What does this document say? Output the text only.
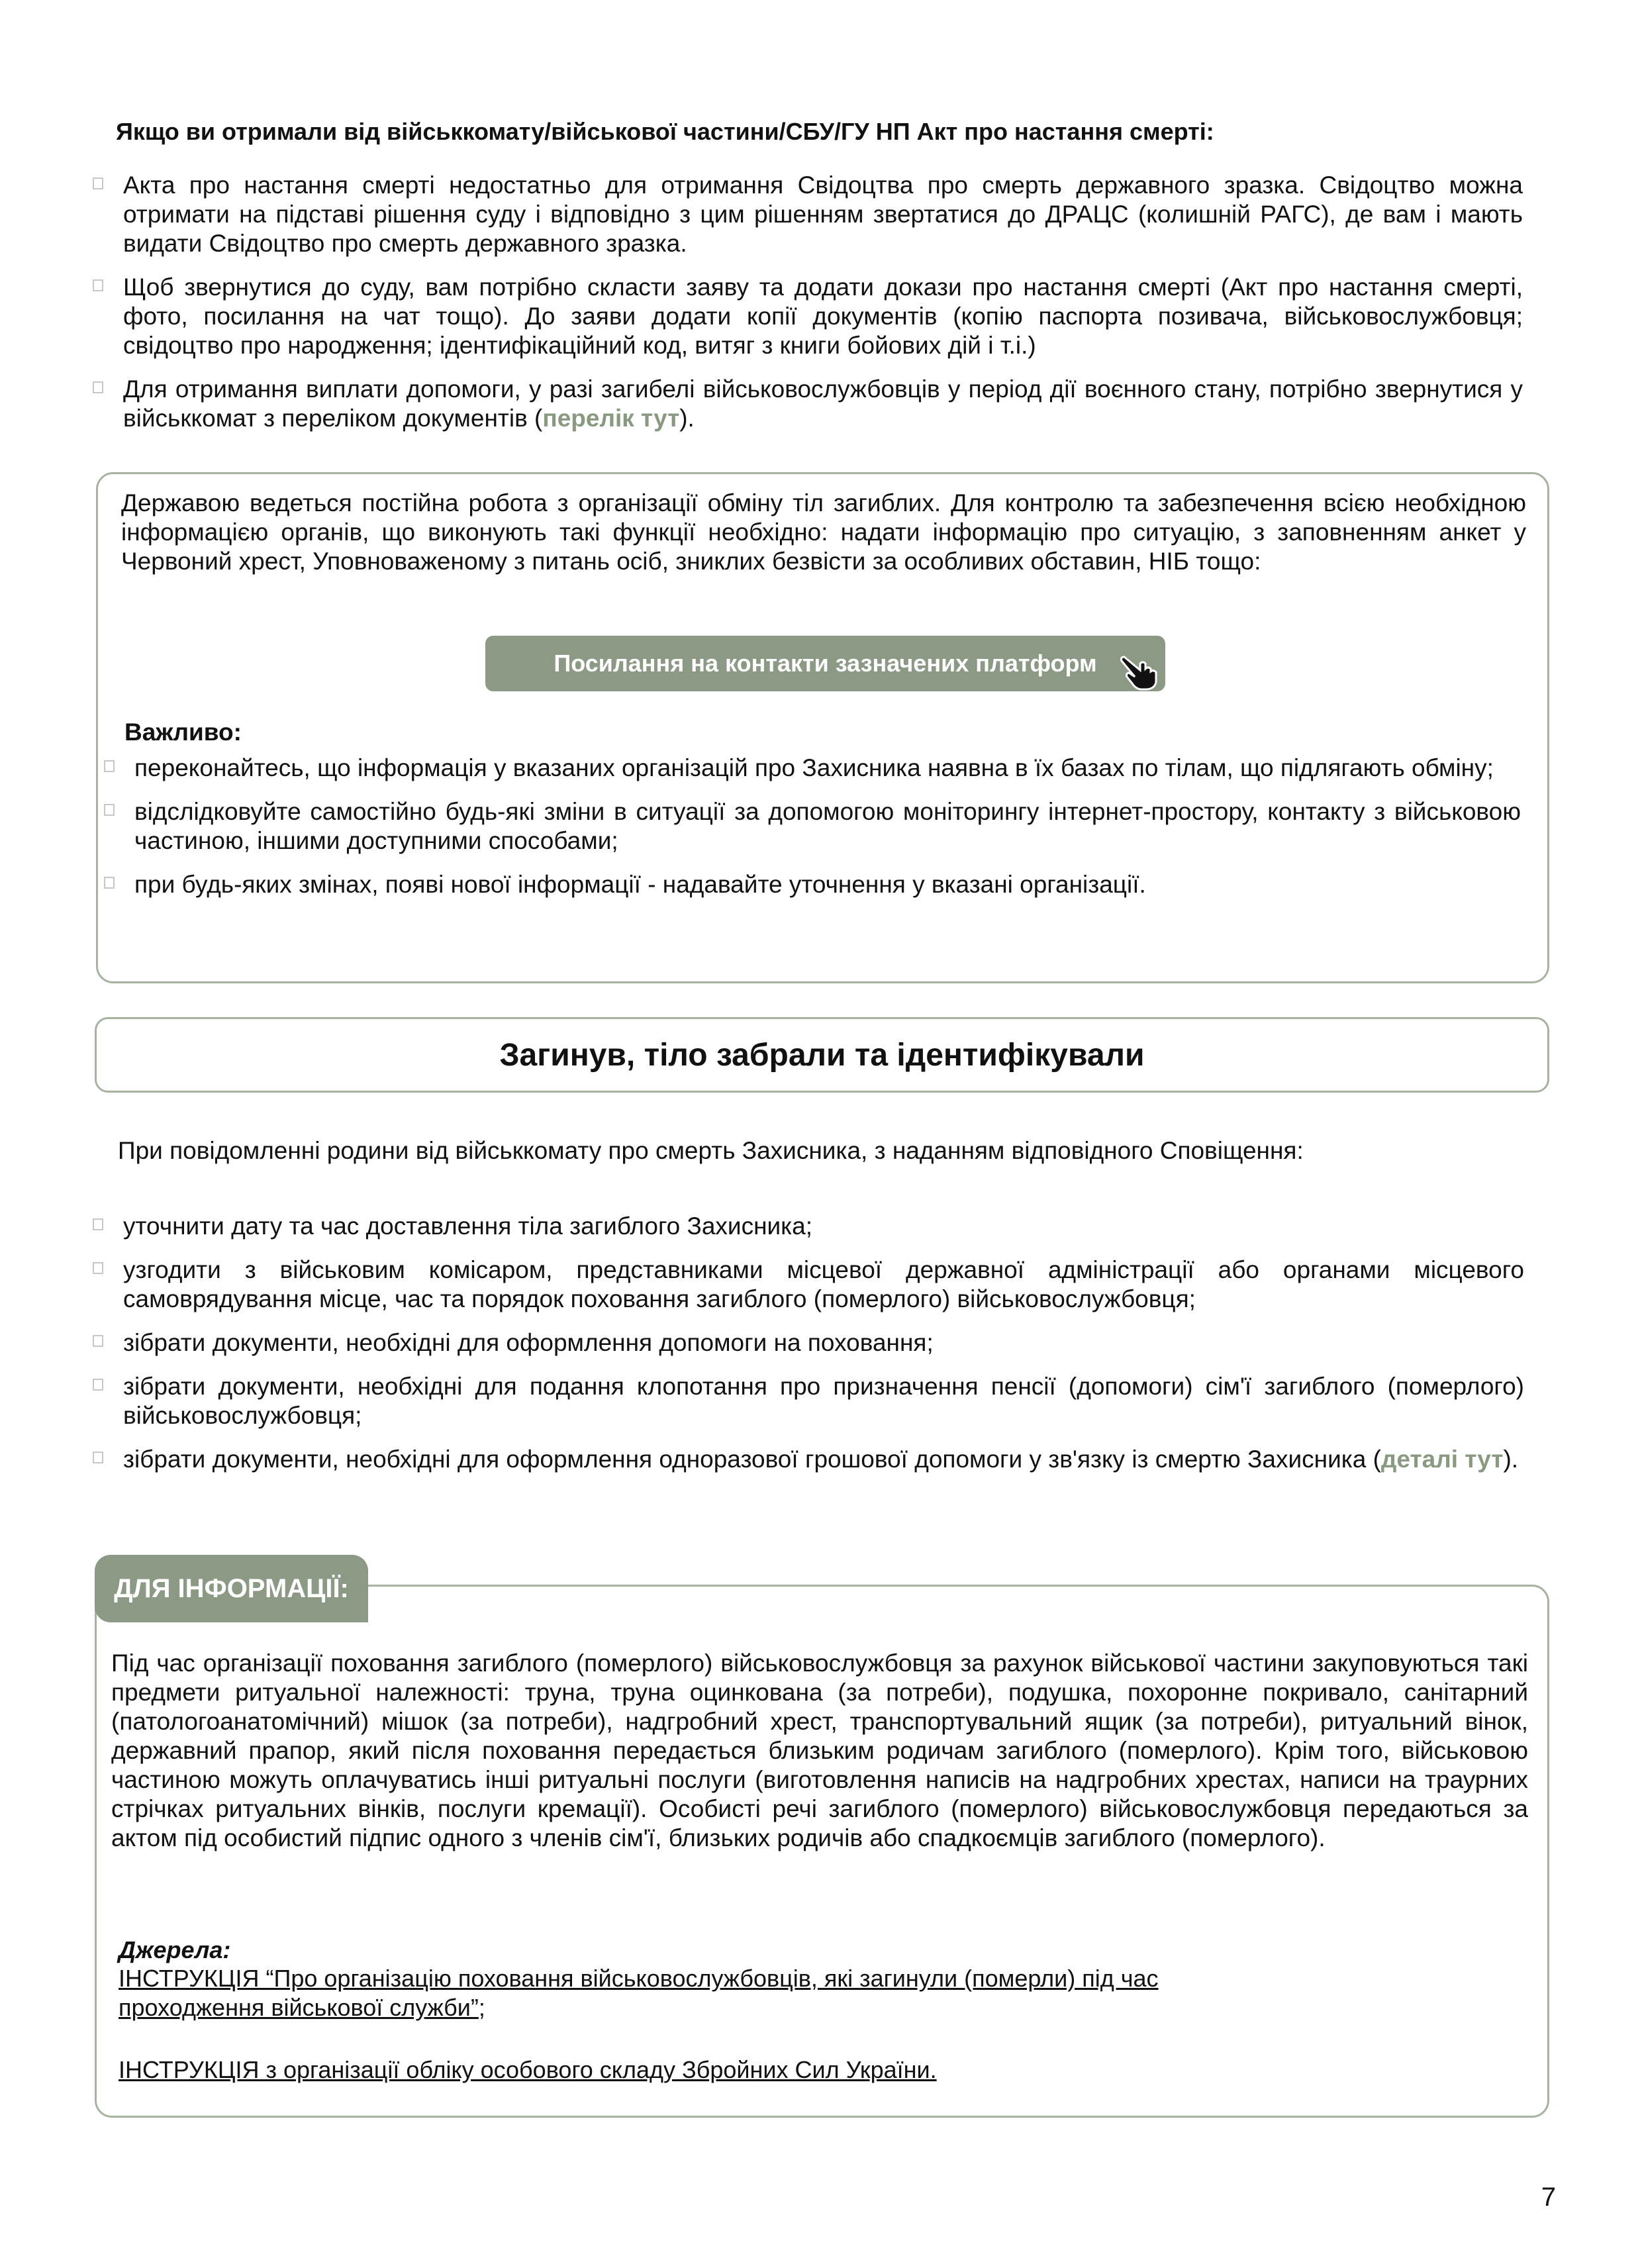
Якщо ви отримали від військкомату/військової частини/СБУ/ГУ НП Акт про настання смерті:
Акта про настання смерті недостатньо для отримання Свідоцтва про смерть державного зразка. Свідоцтво можна отримати на підставі рішення суду і відповідно з цим рішенням звертатися до ДРАЦС (колишній РАГС), де вам і мають видати Свідоцтво про смерть державного зразка.
Щоб звернутися до суду, вам потрібно скласти заяву та додати докази про настання смерті (Акт про настання смерті, фото, посилання на чат тощо). До заяви додати копії документів (копію паспорта позивача, військовослужбовця; свідоцтво про народження; ідентифікаційний код, витяг з книги бойових дій і т.і.)
Для отримання виплати допомоги, у разі загибелі військовослужбовців у період дії воєнного стану, потрібно звернутися у військкомат з переліком документів (перелік тут).
Державою ведеться постійна робота з організації обміну тіл загиблих. Для контролю та забезпечення всією необхідною інформацією органів, що виконують такі функції необхідно: надати інформацію про ситуацію, з заповненням анкет у Червоний хрест, Уповноваженому з питань осіб, зниклих безвісти за особливих обставин, НІБ тощо:
Посилання на контакти зазначених платформ
Важливо:
переконайтесь, що інформація у вказаних організацій про Захисника наявна в їх базах по тілам, що підлягають обміну;
відслідковуйте самостійно будь-які зміни в ситуації за допомогою моніторингу інтернет-простору, контакту з військовою частиною, іншими доступними способами;
при будь-яких змінах, появі нової інформації - надавайте уточнення у вказані організації.
Загинув, тіло забрали та ідентифікували
При повідомленні родини від військкомату про смерть Захисника, з наданням відповідного Сповіщення:
уточнити дату та час доставлення тіла загиблого Захисника;
узгодити з військовим комісаром, представниками місцевої державної адміністрації або органами місцевого самоврядування місце, час та порядок поховання загиблого (померлого) військовослужбовця;
зібрати документи, необхідні для оформлення допомоги на поховання;
зібрати документи, необхідні для подання клопотання про призначення пенсії (допомоги) сім'ї загиблого (померлого) військовослужбовця;
зібрати документи, необхідні для оформлення одноразової грошової допомоги у зв'язку із смертю Захисника (деталі тут).
Під час організації поховання загиблого (померлого) військовослужбовця за рахунок військової частини закуповуються такі предмети ритуальної належності: труна, труна оцинкована (за потреби), подушка, похоронне покривало, санітарний (патологоанатомічний) мішок (за потреби), надгробний хрест, транспортувальний ящик (за потреби), ритуальний вінок, державний прапор, який після поховання передається близьким родичам загиблого (померлого). Крім того, військовою частиною можуть оплачуватись інші ритуальні послуги (виготовлення написів на надгробних хрестах, написи на траурних стрічках ритуальних вінків, послуги кремації). Особисті речі загиблого (померлого) військовослужбовця передаються за актом під особистий підпис одного з членів сім'ї, близьких родичів або спадкоємців загиблого (померлого).
Джерела:
ІНСТРУКЦІЯ “Про організацію поховання військовослужбовців, які загинули (померли) під час проходження військової служби”;
ІНСТРУКЦІЯ з організації обліку особового складу Збройних Сил України.
ДЛЯ ІНФОРМАЦІЇ:
7
